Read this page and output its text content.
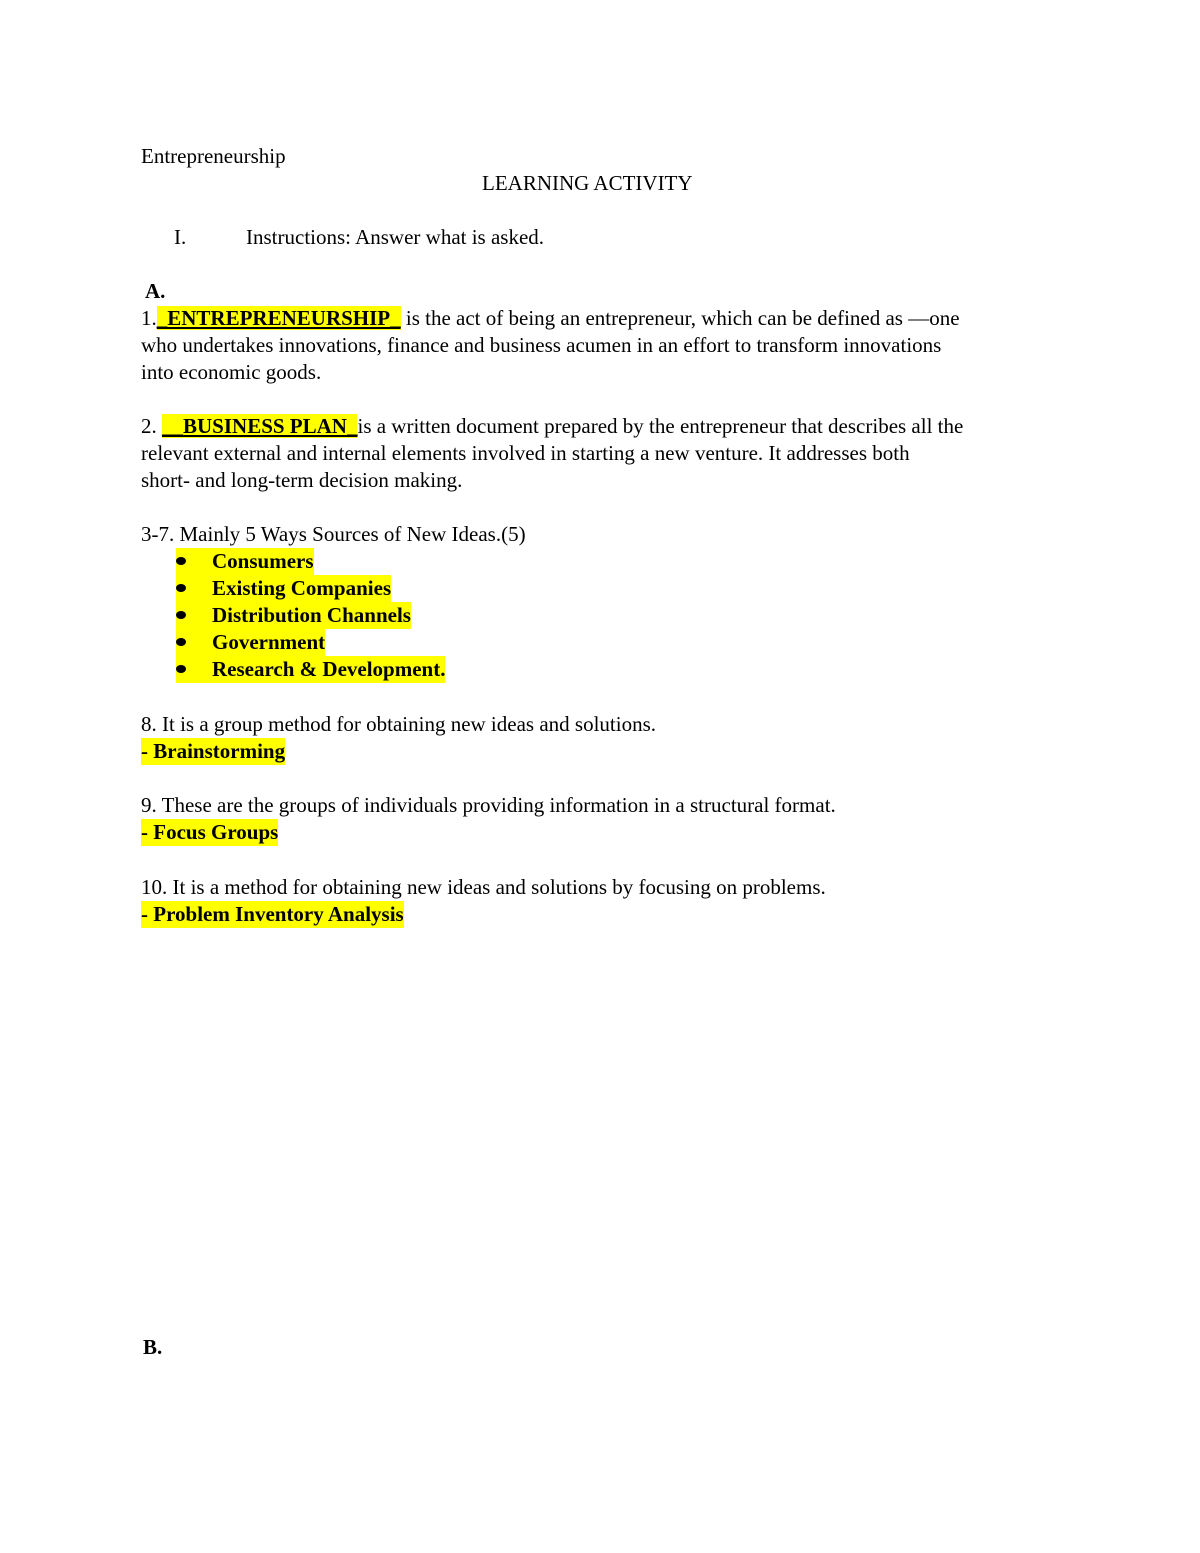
Entrepreneurship
LEARNING ACTIVITY
I.	Instructions: Answer what is asked.
A.
1._ENTREPRENEURSHIP_ is the act of being an entrepreneur, which can be defined as —one
who undertakes innovations, finance and business acumen in an effort to transform innovations
into economic goods.
2. __BUSINESS PLAN_is a written document prepared by the entrepreneur that describes all the
relevant external and internal elements involved in starting a new venture. It addresses both
short- and long-term decision making.
3-7. Mainly 5 Ways Sources of New Ideas.(5)
Consumers
Existing Companies
Distribution Channels
Government
Research & Development.
8. It is a group method for obtaining new ideas and solutions.
- Brainstorming
9. These are the groups of individuals providing information in a structural format.
- Focus Groups
10. It is a method for obtaining new ideas and solutions by focusing on problems.
- Problem Inventory Analysis
B.
